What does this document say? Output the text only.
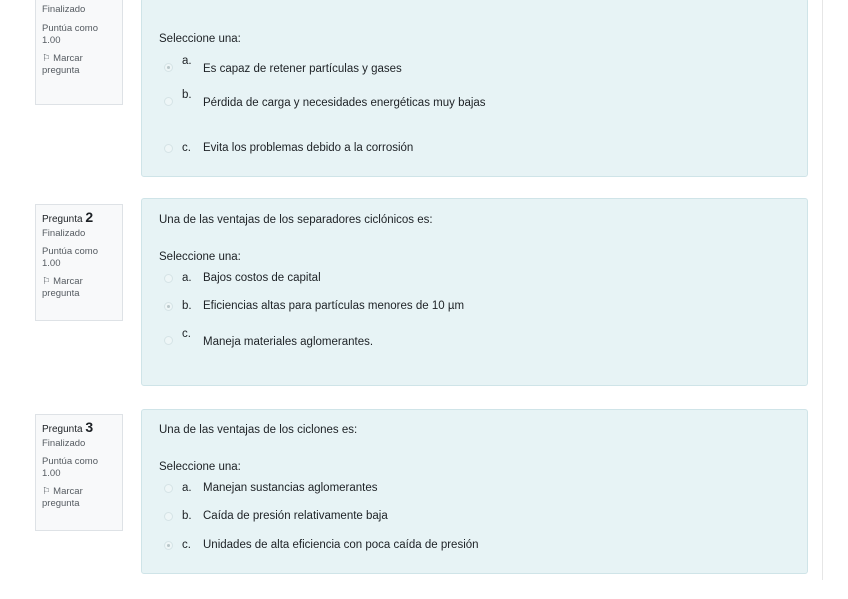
Finalizado
Puntúa como
1.00
⚐ Marcar
pregunta
Seleccione una:
a.
Es capaz de retener partículas y gases
b.
Pérdida de carga y necesidades energéticas muy bajas
c. Evita los problemas debido a la corrosión
Pregunta 2
Finalizado
Puntúa como
1.00
⚐ Marcar
pregunta
Una de las ventajas de los separadores ciclónicos es:
Seleccione una:
a. Bajos costos de capital
b. Eficiencias altas para partículas menores de 10 µm
c.
Maneja materiales aglomerantes.
Pregunta 3
Finalizado
Puntúa como
1.00
⚐ Marcar
pregunta
Una de las ventajas de los ciclones es:
Seleccione una:
a. Manejan sustancias aglomerantes
b. Caída de presión relativamente baja
c. Unidades de alta eficiencia con poca caída de presión
